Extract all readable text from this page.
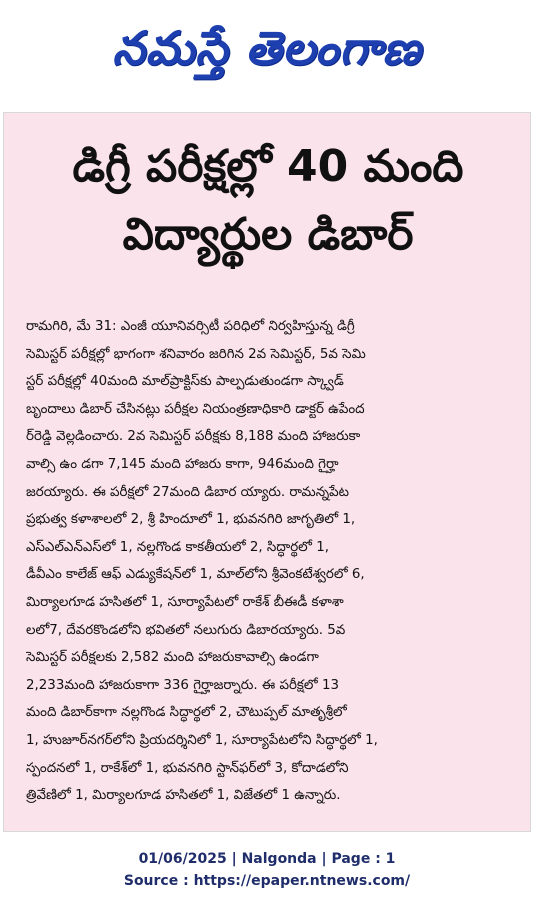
నమస్తే తెలంగాణ
డిగ్రీ పరీక్షల్లో 40 మంది
విద్యార్థుల డిబార్
రామగిరి, మే 31: ఎంజీ యూనివర్సిటీ పరిధిలో నిర్వహిస్తున్న డిగ్రీ
సెమిస్టర్ పరీక్షల్లో భాగంగా శనివారం జరిగిన 2వ సెమిస్టర్, 5వ సెమి
స్టర్ పరీక్షల్లో 40మంది మాల్‌ప్రాక్టిస్‌కు పాల్పడుతుండగా స్క్వాడ్
బృందాలు డిబార్ చేసినట్లు పరీక్షల నియంత్రణాధికారి డాక్టర్ ఉపేంద
ర్‌రెడ్డి వెల్లడించారు. 2వ సెమిస్టర్ పరీక్షకు 8,188 మంది హాజరుకా
వాల్సి ఉం డగా 7,145 మంది హాజరు కాగా, 946మంది గైర్హా
జరయ్యారు. ఈ పరీక్షలో 27మంది డిబార య్యారు. రామన్నపేట
ప్రభుత్వ కళాశాలలో 2, శ్రీ హిందూలో 1, భువనగిరి జాగృతిలో 1,
ఎస్‌ఎల్‌ఎన్‌ఎస్‌లో 1, నల్లగొండ కాకతీయలో 2, సిద్ధార్థలో 1,
డీవీఎం కాలేజ్ ఆఫ్ ఎడ్యుకేషన్‌లో 1, మాల్‌లోని శ్రీవెంకటేశ్వరలో 6,
మిర్యాలగూడ హసితలో 1, సూర్యాపేటలో రాకేశ్ బీఈడీ కళాశా
లలో7, దేవరకొండలోని భవితలో నలుగురు డిబారయ్యారు. 5వ
సెమిస్టర్ పరీక్షలకు 2,582 మంది హాజరుకావాల్సి ఉండగా
2,233మంది హాజరుకాగా 336 గైర్హాజర్నారు. ఈ పరీక్షలో 13
మంది డిబార్‌కాగా నల్లగొండ సిద్ధార్థలో 2, చౌటుప్పల్ మాతృశ్రీలో
1, హుజూర్‌నగర్‌లోని ప్రియదర్శినిలో 1, సూర్యాపేటలోని సిద్ధార్థలో 1,
స్పందనలో 1, రాకేశ్‌లో 1, భువనగిరి స్టాన్‌ఫర్‌లో 3, కోదాడలోని
త్రివేణిలో 1, మిర్యాలగూడ హసితలో 1, విజేతలో 1 ఉన్నారు.
01/06/2025 | Nalgonda | Page : 1
Source : https://epaper.ntnews.com/
